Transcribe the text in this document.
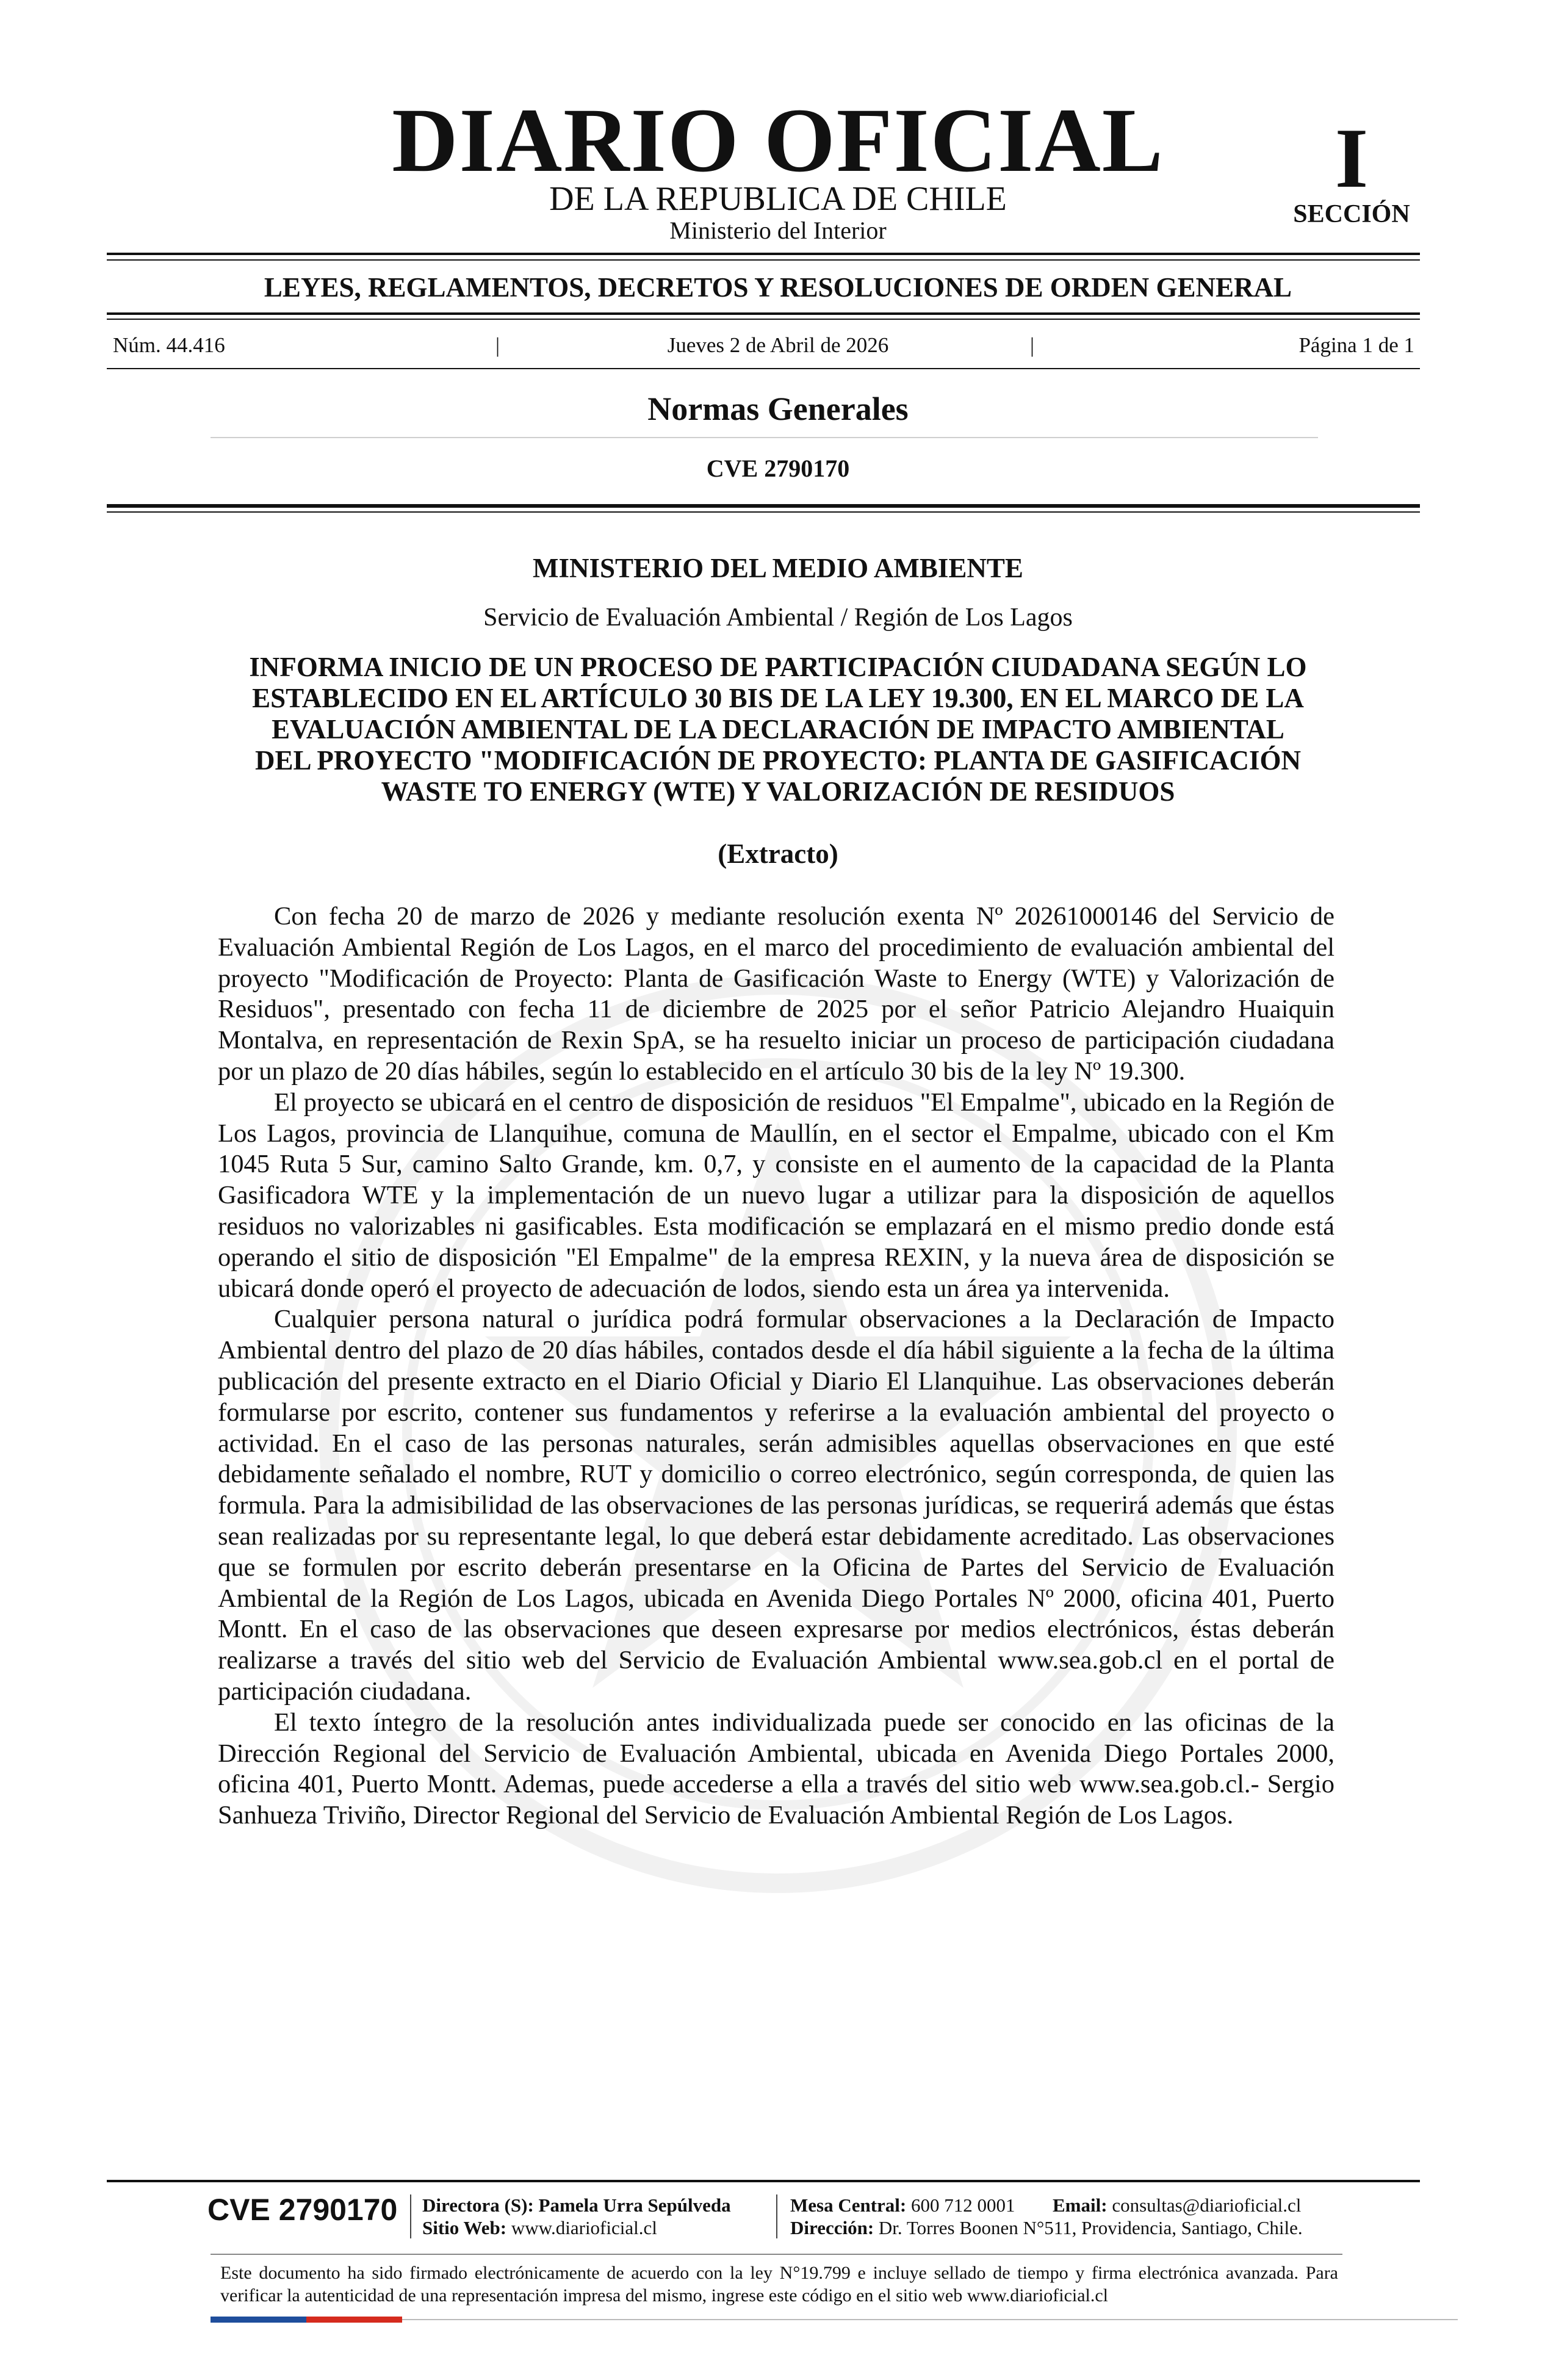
DIARIO OFICIAL
DE LA REPUBLICA DE CHILE
Ministerio del Interior
I
SECCIÓN
LEYES, REGLAMENTOS, DECRETOS Y RESOLUCIONES DE ORDEN GENERAL
Núm. 44.416	|	Jueves 2 de Abril de 2026	|	Página 1 de 1
Normas Generales
CVE 2790170
MINISTERIO DEL MEDIO AMBIENTE
Servicio de Evaluación Ambiental / Región de Los Lagos
INFORMA INICIO DE UN PROCESO DE PARTICIPACIÓN CIUDADANA SEGÚN LO
ESTABLECIDO EN EL ARTÍCULO 30 BIS DE LA LEY 19.300, EN EL MARCO DE LA
EVALUACIÓN AMBIENTAL DE LA DECLARACIÓN DE IMPACTO AMBIENTAL
DEL PROYECTO "MODIFICACIÓN DE PROYECTO: PLANTA DE GASIFICACIÓN
WASTE TO ENERGY (WTE) Y VALORIZACIÓN DE RESIDUOS
(Extracto)

Con fecha 20 de marzo de 2026 y mediante resolución exenta Nº 20261000146 del Servicio de Evaluación Ambiental Región de Los Lagos, en el marco del procedimiento de evaluación ambiental del proyecto "Modificación de Proyecto: Planta de Gasificación Waste to Energy (WTE) y Valorización de Residuos", presentado con fecha 11 de diciembre de 2025 por el señor Patricio Alejandro Huaiquin Montalva, en representación de Rexin SpA, se ha resuelto iniciar un proceso de participación ciudadana por un plazo de 20 días hábiles, según lo establecido en el artículo 30 bis de la ley Nº 19.300.

El proyecto se ubicará en el centro de disposición de residuos "El Empalme", ubicado en la Región de Los Lagos, provincia de Llanquihue, comuna de Maullín, en el sector el Empalme, ubicado con el Km 1045 Ruta 5 Sur, camino Salto Grande, km. 0,7, y consiste en el aumento de la capacidad de la Planta Gasificadora WTE y la implementación de un nuevo lugar a utilizar para la disposición de aquellos residuos no valorizables ni gasificables. Esta modificación se emplazará en el mismo predio donde está operando el sitio de disposición "El Empalme" de la empresa REXIN, y la nueva área de disposición se ubicará donde operó el proyecto de adecuación de lodos, siendo esta un área ya intervenida.

Cualquier persona natural o jurídica podrá formular observaciones a la Declaración de Impacto Ambiental dentro del plazo de 20 días hábiles, contados desde el día hábil siguiente a la fecha de la última publicación del presente extracto en el Diario Oficial y Diario El Llanquihue. Las observaciones deberán formularse por escrito, contener sus fundamentos y referirse a la evaluación ambiental del proyecto o actividad. En el caso de las personas naturales, serán admisibles aquellas observaciones en que esté debidamente señalado el nombre, RUT y domicilio o correo electrónico, según corresponda, de quien las formula. Para la admisibilidad de las observaciones de las personas jurídicas, se requerirá además que éstas sean realizadas por su representante legal, lo que deberá estar debidamente acreditado. Las observaciones que se formulen por escrito deberán presentarse en la Oficina de Partes del Servicio de Evaluación Ambiental de la Región de Los Lagos, ubicada en Avenida Diego Portales Nº 2000, oficina 401, Puerto Montt. En el caso de las observaciones que deseen expresarse por medios electrónicos, éstas deberán realizarse a través del sitio web del Servicio de Evaluación Ambiental www.sea.gob.cl en el portal de participación ciudadana.

El texto íntegro de la resolución antes individualizada puede ser conocido en las oficinas de la Dirección Regional del Servicio de Evaluación Ambiental, ubicada en Avenida Diego Portales 2000, oficina 401, Puerto Montt. Ademas, puede accederse a ella a través del sitio web www.sea.gob.cl.- Sergio Sanhueza Triviño, Director Regional del Servicio de Evaluación Ambiental Región de Los Lagos.

CVE 2790170 Directora (S): Pamela Urra Sepúlveda
Sitio Web: www.diarioficial.cl
Mesa Central: 600 712 0001 Email: consultas@diarioficial.cl
Dirección: Dr. Torres Boonen N°511, Providencia, Santiago, Chile.
Este documento ha sido firmado electrónicamente de acuerdo con la ley N°19.799 e incluye sellado de tiempo y firma electrónica avanzada. Para verificar la autenticidad de una representación impresa del mismo, ingrese este código en el sitio web www.diarioficial.cl
